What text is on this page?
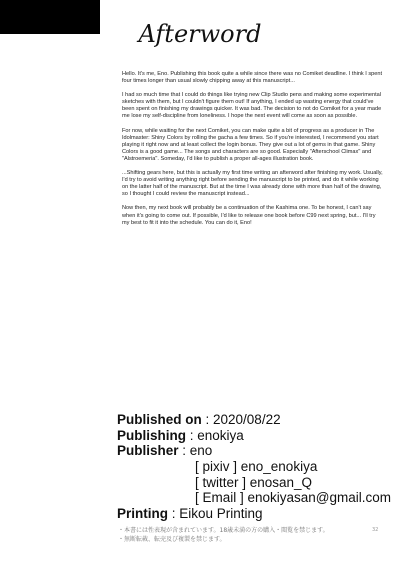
Afterword

Hello. It's me, Eno. Publishing this book quite a while since there was no Comiket deadline. I think I spent four times longer than usual slowly chipping away at this manuscript...

I had so much time that I could do things like trying new Clip Studio pens and making some experimental sketches with them, but I couldn't figure them out! If anything, I ended up wasting energy that could've been spent on finishing my drawings quicker. It was bad. The decision to not do Comiket for a year made me lose my self-discipline from loneliness. I hope the next event will come as soon as possible.

For now, while waiting for the next Comiket, you can make quite a bit of progress as a producer in The Idolmaster: Shiny Colors by rolling the gacha a few times. So if you're interested, I recommend you start playing it right now and at least collect the login bonus. They give out a lot of gems in that game. Shiny Colors is a good game... The songs and characters are so good. Especially "Afterschool Climax" and "Alstroemeria". Someday, I'd like to publish a proper all-ages illustration book.

...Shifting gears here, but this is actually my first time writing an afterword after finishing my work. Usually, I'd try to avoid writing anything right before sending the manuscript to be printed, and do it while working on the latter half of the manuscript. But at the time I was already done with more than half of the drawing, so I thought I could review the manuscript instead...

Now then, my next book will probably be a continuation of the Kashima one. To be honest, I can't say when it's going to come out. If possible, I'd like to release one book before C99 next spring, but... I'll try my best to fit it into the schedule. You can do it, Eno!

Published on : 2020/08/22
Publishing : enokiya
Publisher : eno
[ pixiv ] eno_enokiya
[ twitter ] enosan_Q
[ Email ] enokiyasan@gmail.com
Printing : Eikou Printing
・本書には性表現が含まれています。18歳未満の方の購入・閲覧を禁じます。
・無断転載、転売及び複製を禁じます。
32
